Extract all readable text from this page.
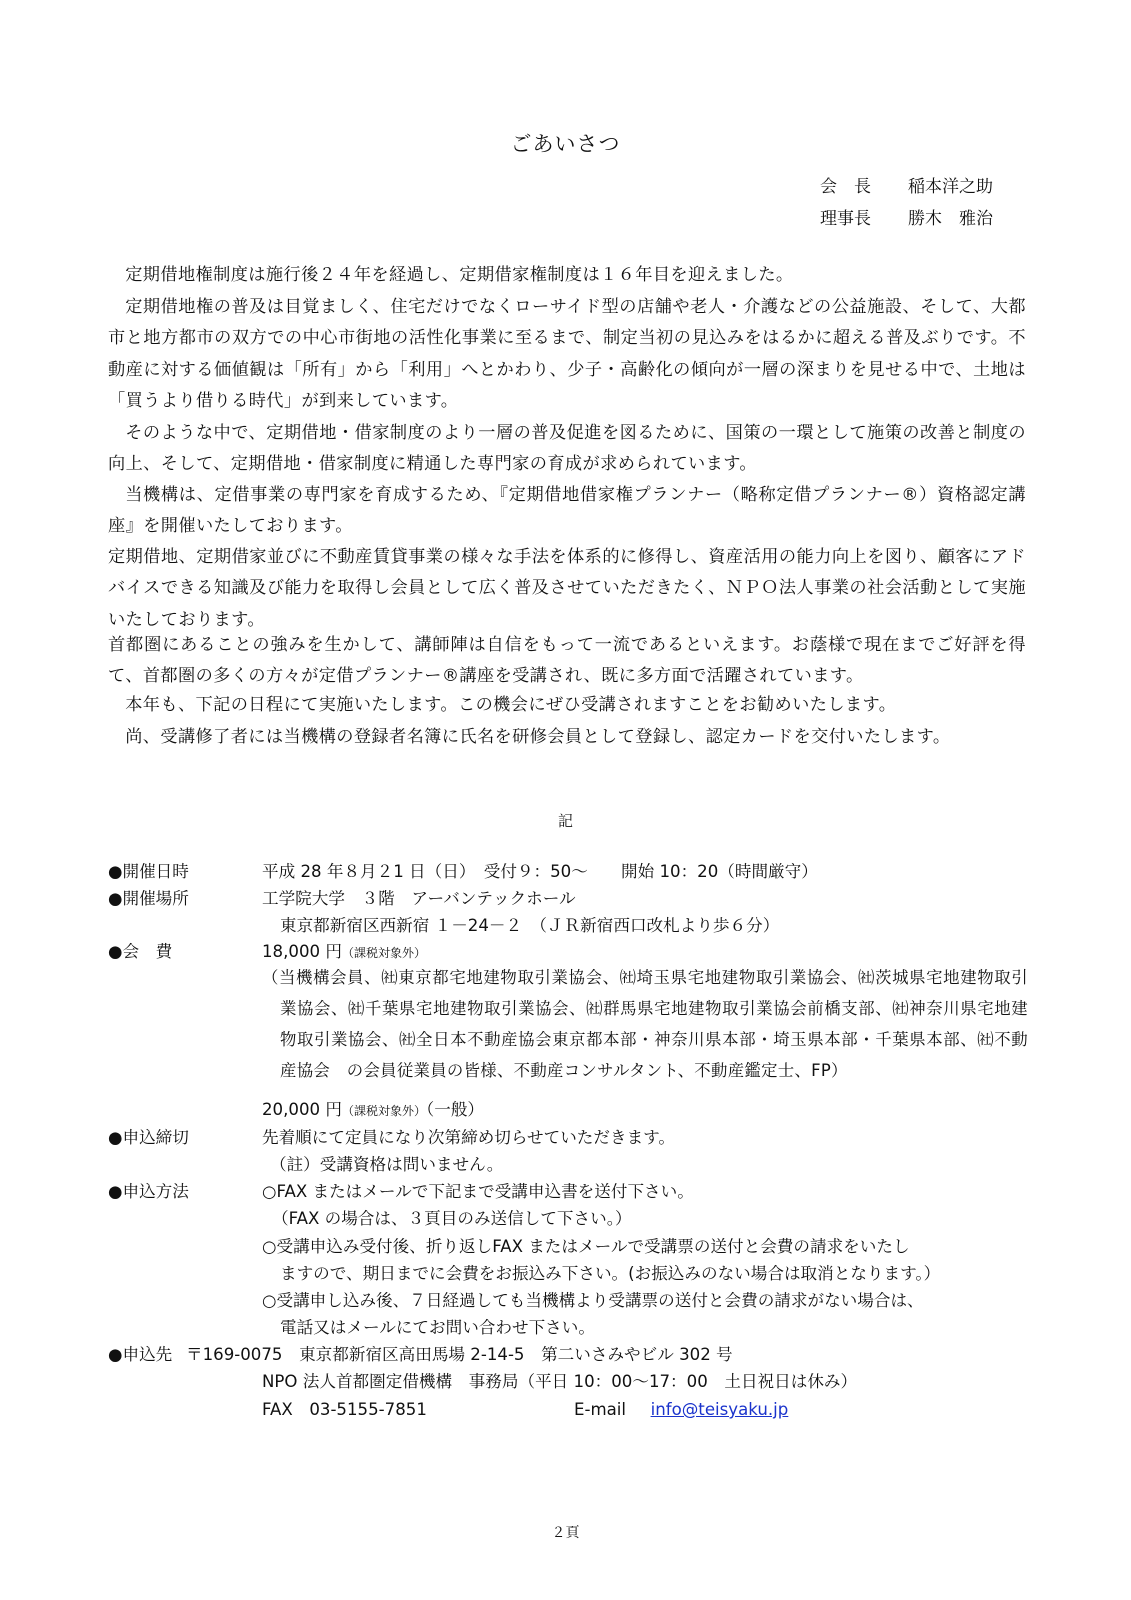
ごあいさつ
会　長 稲本洋之助
理事長 勝木　雅治

定期借地権制度は施行後２４年を経過し、定期借家権制度は１６年目を迎えました。

定期借地権の普及は目覚ましく、住宅だけでなくローサイド型の店舗や老人・介護などの公益施設、そして、大都市と地方都市の双方での中心市街地の活性化事業に至るまで、制定当初の見込みをはるかに超える普及ぶりです。不動産に対する価値観は「所有」から「利用」へとかわり、少子・高齢化の傾向が一層の深まりを見せる中で、土地は「買うより借りる時代」が到来しています。

そのような中で、定期借地・借家制度のより一層の普及促進を図るために、国策の一環として施策の改善と制度の向上、そして、定期借地・借家制度に精通した専門家の育成が求められています。

当機構は、定借事業の専門家を育成するため、『定期借地借家権プランナー（略称定借プランナー®）資格認定講座』を開催いたしております。

定期借地、定期借家並びに不動産賃貸事業の様々な手法を体系的に修得し、資産活用の能力向上を図り、顧客にアドバイスできる知識及び能力を取得し会員として広く普及させていただきたく、ＮＰＯ法人事業の社会活動として実施いたしております。

首都圏にあることの強みを生かして、講師陣は自信をもって一流であるといえます。お蔭様で現在までご好評を得て、首都圏の多くの方々が定借プランナー®講座を受講され、既に多方面で活躍されています。

本年も、下記の日程にて実施いたします。この機会にぜひ受講されますことをお勧めいたします。

尚、受講修了者には当機構の登録者名簿に氏名を研修会員として登録し、認定カードを交付いたします。

記
●開催日時	平成 28 年８月２1 日（日）　受付９：50～　　開始 10：20（時間厳守）
●開催場所	工学院大学　３階　アーバンテックホール
東京都新宿区西新宿 １－24－２　（ＪＲ新宿西口改札より歩６分）
●会　費	18,000 円（課税対象外）

（当機構会員、㈳東京都宅地建物取引業協会、㈳埼玉県宅地建物取引業協会、㈳茨城県宅地建物取引業協会、㈳千葉県宅地建物取引業協会、㈳群馬県宅地建物取引業協会前橋支部、㈳神奈川県宅地建物取引業協会、㈳全日本不動産協会東京都本部・神奈川県本部・埼玉県本部・千葉県本部、㈳不動産協会　の会員従業員の皆様、不動産コンサルタント、不動産鑑定士、FP）

20,000 円（課税対象外）（一般）
●申込締切	先着順にて定員になり次第締め切らせていただきます。
（註）受講資格は問いません。
●申込方法	○FAX またはメールで下記まで受講申込書を送付下さい。
（FAX の場合は、３頁目のみ送信して下さい。）
○受講申込み受付後、折り返しFAX またはメールで受講票の送付と会費の請求をいたし
ますので、期日までに会費をお振込み下さい。(お振込みのない場合は取消となります。）
○受講申し込み後、７日経過しても当機構より受講票の送付と会費の請求がない場合は、
電話又はメールにてお問い合わせ下さい。
●申込先 〒169-0075　東京都新宿区高田馬場 2-14-5　第二いさみやビル 302 号
NPO 法人首都圏定借機構　事務局（平日 10：00～17：00　土日祝日は休み）
FAX　03-5155-7851	E-mail info@teisyaku.jp
２頁
